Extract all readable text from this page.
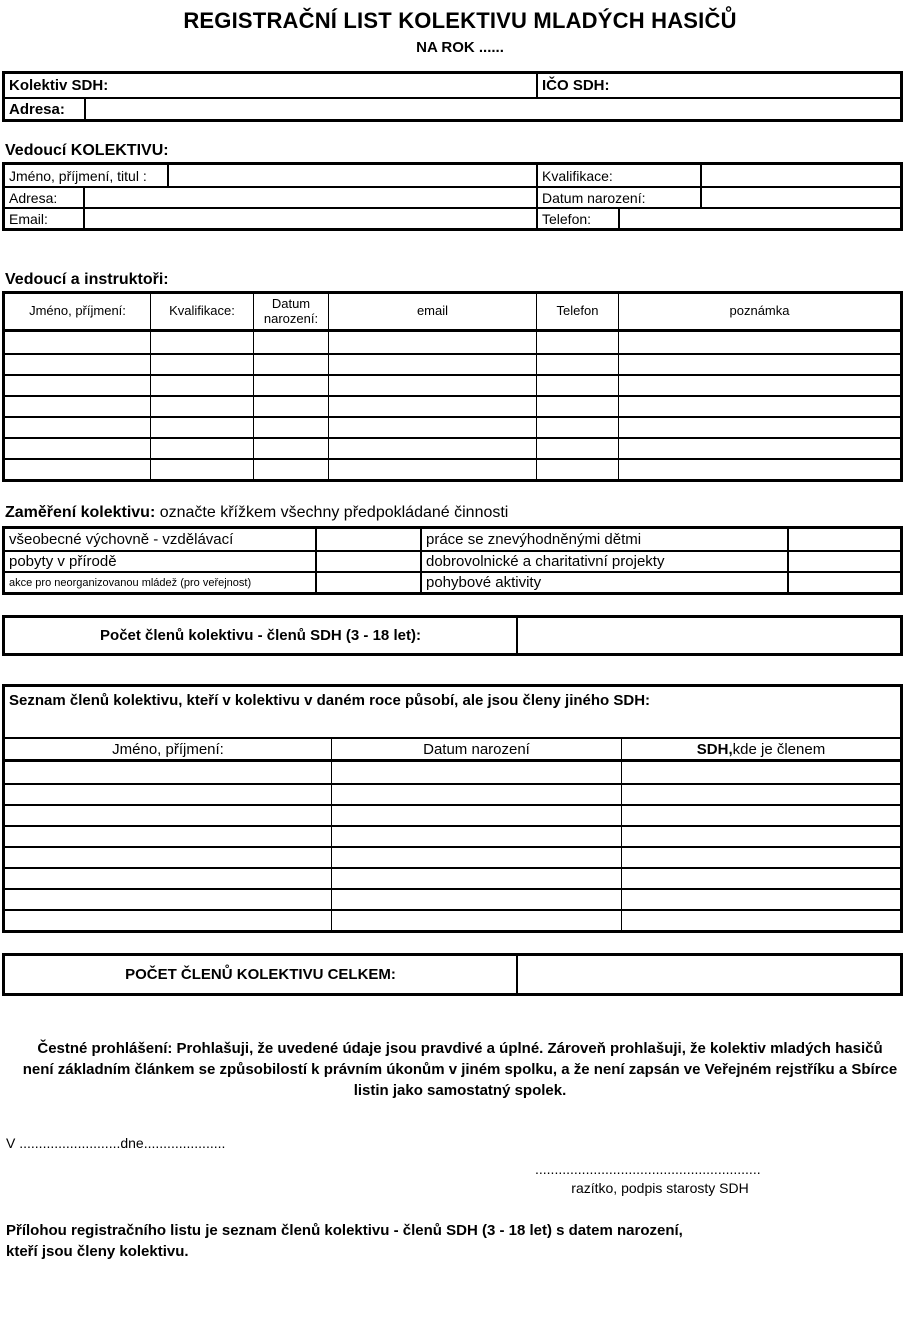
REGISTRAČNÍ LIST KOLEKTIVU MLADÝCH HASIČŮ
NA ROK ......
Kolektiv SDH:	IČO SDH:
Adresa:
Vedoucí KOLEKTIVU:
Jméno, příjmení, titul :	Kvalifikace:
Adresa:	Datum narození:
Email:	Telefon:
Vedoucí a instruktoři:
Jméno, příjmení:	Kvalifikace:	Datum narození:	email	Telefon	poznámka
Zaměření kolektivu: označte křížkem všechny předpokládané činnosti
všeobecné výchovně - vzdělávací	práce se znevýhodněnými dětmi
pobyty v přírodě	dobrovolnické a charitativní projekty
akce pro neorganizovanou mládež (pro veřejnost)	pohybové aktivity
Počet členů kolektivu - členů SDH (3 - 18 let):
Seznam členů kolektivu, kteří v kolektivu v daném roce působí, ale jsou členy jiného SDH:
Jméno, příjmení:	Datum narození	SDH, kde je členem
POČET ČLENŮ KOLEKTIVU CELKEM:
Čestné prohlášení: Prohlašuji, že uvedené údaje jsou pravdivé a úplné. Zároveň prohlašuji, že kolektiv mladých hasičů není základním článkem se způsobilostí k právním úkonům v jiném spolku, a že není zapsán ve Veřejném rejstříku a Sbírce listin jako samostatný spolek.
V ..........................dne.....................
..........................................................
razítko, podpis starosty SDH
Přílohou registračního listu je seznam členů kolektivu - členů SDH (3 - 18 let) s datem narození,
kteří jsou členy kolektivu.
